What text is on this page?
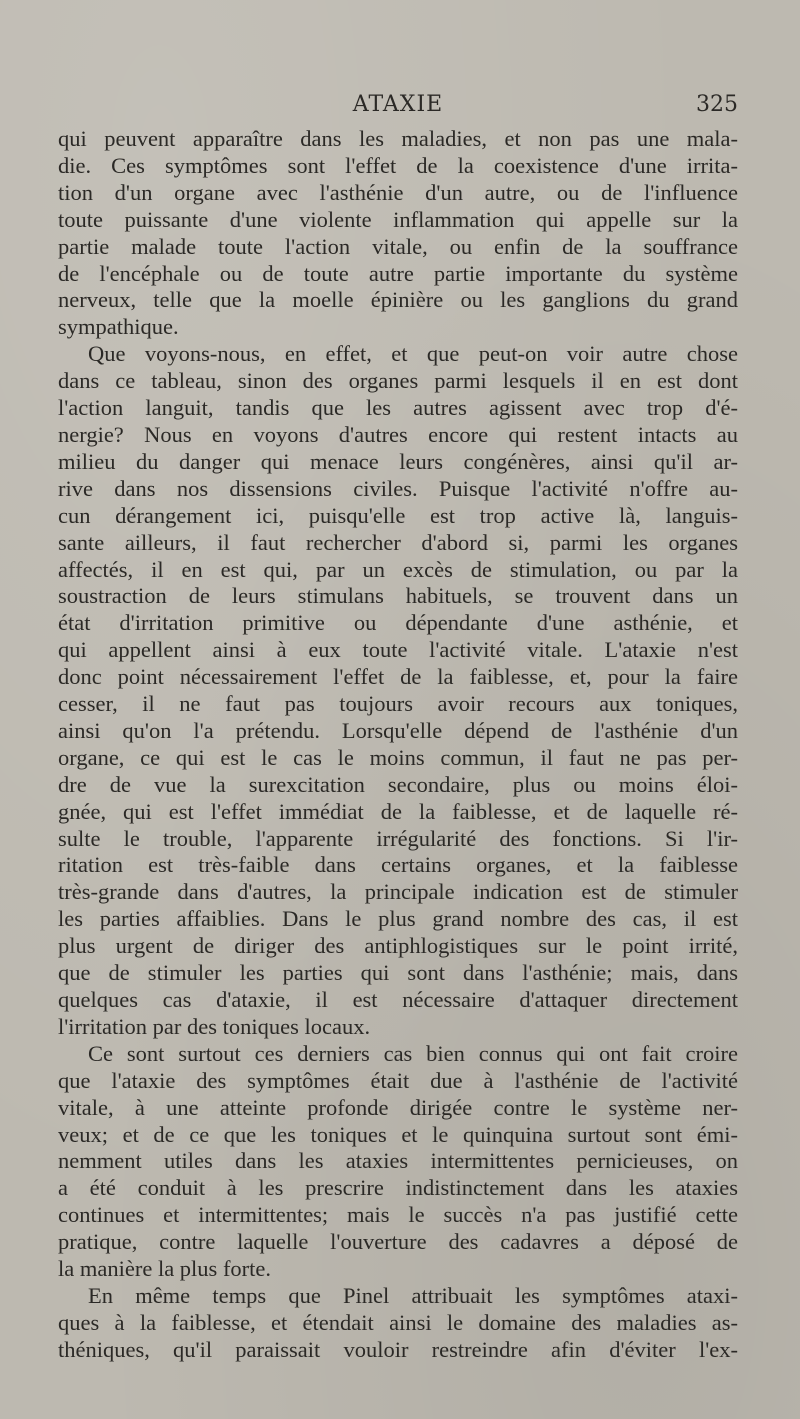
ATAXIE	325
qui peuvent apparaître dans les maladies, et non pas une mala-
die. Ces symptômes sont l'effet de la coexistence d'une irrita-
tion d'un organe avec l'asthénie d'un autre, ou de l'influence
toute puissante d'une violente inflammation qui appelle sur la
partie malade toute l'action vitale, ou enfin de la souffrance
de l'encéphale ou de toute autre partie importante du système
nerveux, telle que la moelle épinière ou les ganglions du grand
sympathique.
Que voyons-nous, en effet, et que peut-on voir autre chose
dans ce tableau, sinon des organes parmi lesquels il en est dont
l'action languit, tandis que les autres agissent avec trop d'é-
nergie? Nous en voyons d'autres encore qui restent intacts au
milieu du danger qui menace leurs congénères, ainsi qu'il ar-
rive dans nos dissensions civiles. Puisque l'activité n'offre au-
cun dérangement ici, puisqu'elle est trop active là, languis-
sante ailleurs, il faut rechercher d'abord si, parmi les organes
affectés, il en est qui, par un excès de stimulation, ou par la
soustraction de leurs stimulans habituels, se trouvent dans un
état d'irritation primitive ou dépendante d'une asthénie, et
qui appellent ainsi à eux toute l'activité vitale. L'ataxie n'est
donc point nécessairement l'effet de la faiblesse, et, pour la faire
cesser, il ne faut pas toujours avoir recours aux toniques,
ainsi qu'on l'a prétendu. Lorsqu'elle dépend de l'asthénie d'un
organe, ce qui est le cas le moins commun, il faut ne pas per-
dre de vue la surexcitation secondaire, plus ou moins éloi-
gnée, qui est l'effet immédiat de la faiblesse, et de laquelle ré-
sulte le trouble, l'apparente irrégularité des fonctions. Si l'ir-
ritation est très-faible dans certains organes, et la faiblesse
très-grande dans d'autres, la principale indication est de stimuler
les parties affaiblies. Dans le plus grand nombre des cas, il est
plus urgent de diriger des antiphlogistiques sur le point irrité,
que de stimuler les parties qui sont dans l'asthénie; mais, dans
quelques cas d'ataxie, il est nécessaire d'attaquer directement
l'irritation par des toniques locaux.
Ce sont surtout ces derniers cas bien connus qui ont fait croire
que l'ataxie des symptômes était due à l'asthénie de l'activité
vitale, à une atteinte profonde dirigée contre le système ner-
veux; et de ce que les toniques et le quinquina surtout sont émi-
nemment utiles dans les ataxies intermittentes pernicieuses, on
a été conduit à les prescrire indistinctement dans les ataxies
continues et intermittentes; mais le succès n'a pas justifié cette
pratique, contre laquelle l'ouverture des cadavres a déposé de
la manière la plus forte.
En même temps que Pinel attribuait les symptômes ataxi-
ques à la faiblesse, et étendait ainsi le domaine des maladies as-
théniques, qu'il paraissait vouloir restreindre afin d'éviter l'ex-
